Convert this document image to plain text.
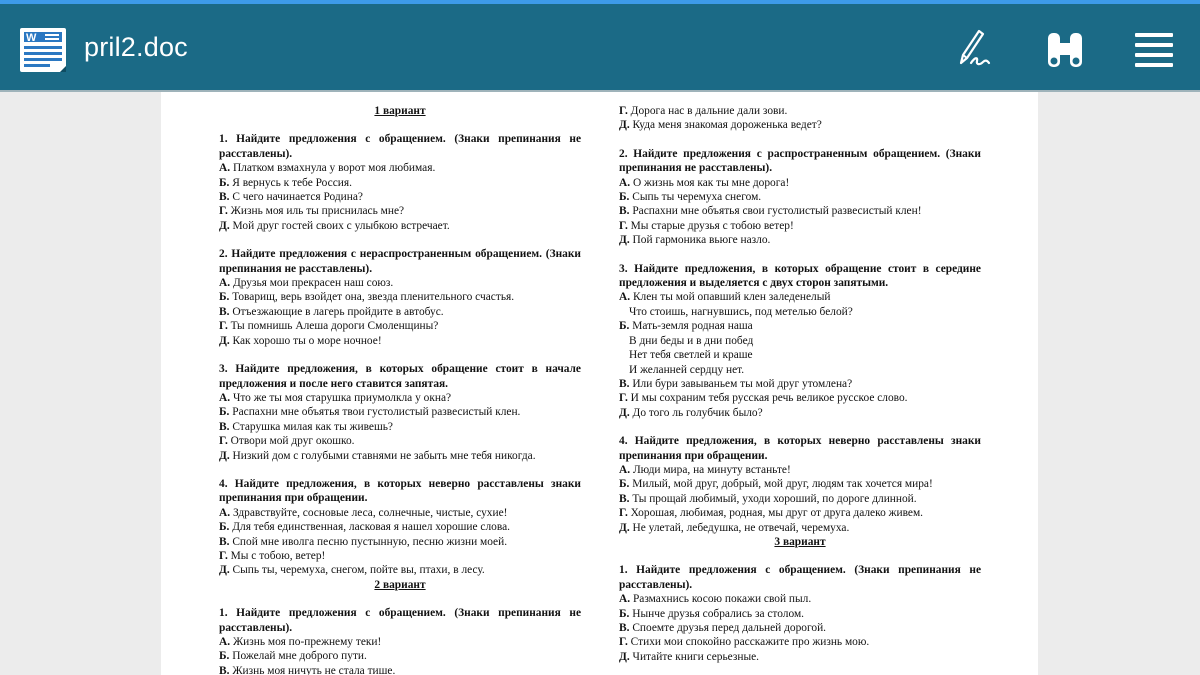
W pril2.doc
1 вариант
1. Найдите предложения с обращением. (Знаки препинания не расставлены).
А. Платком взмахнула у ворот моя любимая.
Б. Я вернусь к тебе Россия.
В. С чего начинается Родина?
Г. Жизнь моя иль ты приснилась мне?
Д. Мой друг гостей своих с улыбкою встречает.
2. Найдите предложения с нераспространенным обращением. (Знаки препинания не расставлены).
А. Друзья мои прекрасен наш союз.
Б. Товарищ, верь взойдет она, звезда пленительного счастья.
В. Отъезжающие в лагерь пройдите в автобус.
Г. Ты помнишь Алеша дороги Смоленщины?
Д. Как хорошо ты о море ночное!
3. Найдите предложения, в которых обращение стоит в начале предложения и после него ставится запятая.
А. Что же ты моя старушка приумолкла у окна?
Б. Распахни мне объятья твои густолистый развесистый клен.
В. Старушка милая как ты живешь?
Г. Отвори мой друг окошко.
Д. Низкий дом с голубыми ставнями не забыть мне тебя никогда.
4. Найдите предложения, в которых неверно расставлены знаки препинания при обращении.
А. Здравствуйте, сосновые леса, солнечные, чистые, сухие!
Б. Для тебя единственная, ласковая я нашел хорошие слова.
В. Спой мне иволга песню пустынную, песню жизни моей.
Г. Мы с тобою, ветер!
Д. Сыпь ты, черемуха, снегом, пойте вы, птахи, в лесу.
2 вариант
1. Найдите предложения с обращением. (Знаки препинания не расставлены).
А. Жизнь моя по-прежнему теки!
Б. Пожелай мне доброго пути.
В. Жизнь моя ничуть не стала тише.
Г. Дорога нас в дальние дали зови.
Д. Куда меня знакомая дороженька ведет?
2. Найдите предложения с распространенным обращением. (Знаки препинания не расставлены).
А. О жизнь моя как ты мне дорога!
Б. Сыпь ты черемуха снегом.
В. Распахни мне объятья свои густолистый развесистый клен!
Г. Мы старые друзья с тобою ветер!
Д. Пой гармоника вьюге назло.
3. Найдите предложения, в которых обращение стоит в середине предложения и выделяется с двух сторон запятыми.
А. Клен ты мой опавший клен заледенелый
Что стоишь, нагнувшись, под метелью белой?
Б. Мать-земля родная наша
В дни беды и в дни побед
Нет тебя светлей и краше
И желанней сердцу нет.
В. Или бури завываньем ты мой друг утомлена?
Г. И мы сохраним тебя русская речь великое русское слово.
Д. До того ль голубчик было?
4. Найдите предложения, в которых неверно расставлены знаки препинания при обращении.
А. Люди мира, на минуту встаньте!
Б. Милый, мой друг, добрый, мой друг, людям так хочется мира!
В. Ты прощай любимый, уходи хороший, по дороге длинной.
Г. Хорошая, любимая, родная, мы друг от друга далеко живем.
Д. Не улетай, лебедушка, не отвечай, черемуха.
3 вариант
1. Найдите предложения с обращением. (Знаки препинания не расставлены).
А. Размахнись косою покажи свой пыл.
Б. Нынче друзья собрались за столом.
В. Споемте друзья перед дальней дорогой.
Г. Стихи мои спокойно расскажите про жизнь мою.
Д. Читайте книги серьезные.
